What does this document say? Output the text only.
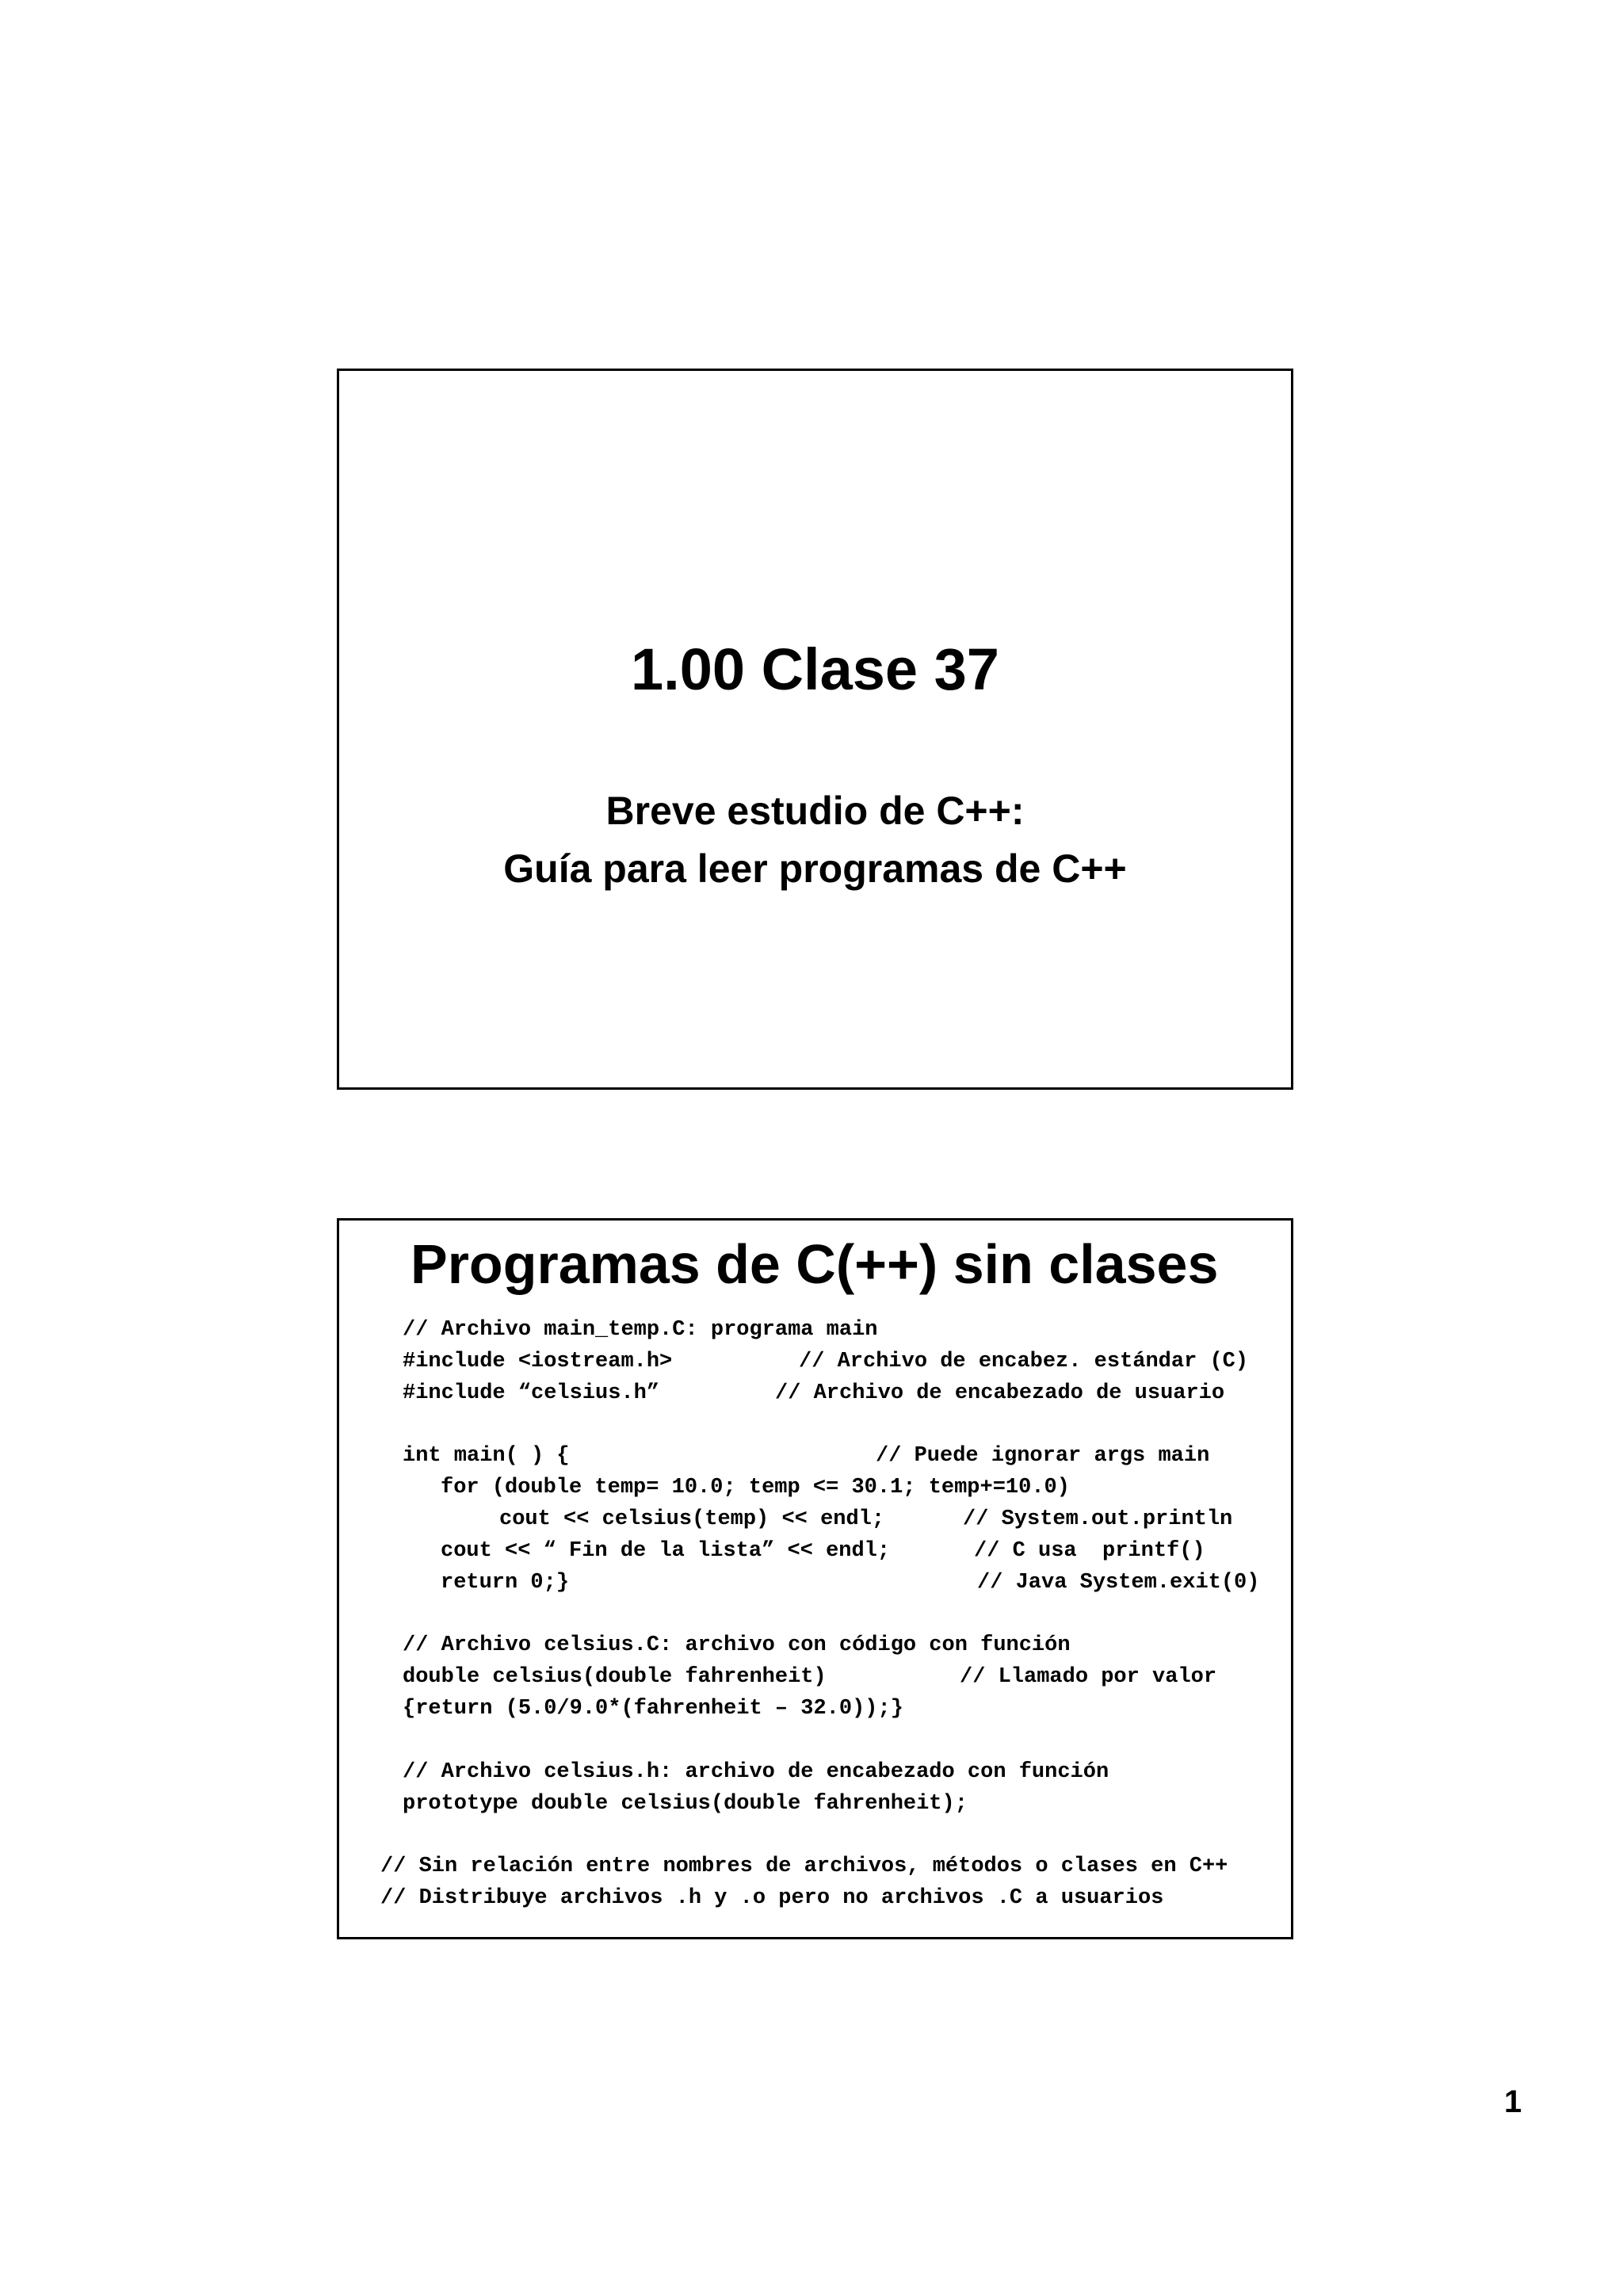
1.00 Clase 37
Breve estudio de C++:
Guía para leer programas de C++
Programas de C(++) sin clases
// Archivo main_temp.C: programa main
#include <iostream.h>	// Archivo de encabez. estándar (C)
#include “celsius.h”	// Archivo de encabezado de usuario
int main( ) {	// Puede ignorar args main
for (double temp= 10.0; temp <= 30.1; temp+=10.0)
cout << celsius(temp) << endl;	// System.out.println
cout << “ Fin de la lista” << endl;	// C usa  printf()
return 0;}	// Java System.exit(0)
// Archivo celsius.C: archivo con código con función
double celsius(double fahrenheit)	// Llamado por valor
{return (5.0/9.0*(fahrenheit – 32.0));}
// Archivo celsius.h: archivo de encabezado con función
prototype double celsius(double fahrenheit);
// Sin relación entre nombres de archivos, métodos o clases en C++
// Distribuye archivos .h y .o pero no archivos .C a usuarios
1
